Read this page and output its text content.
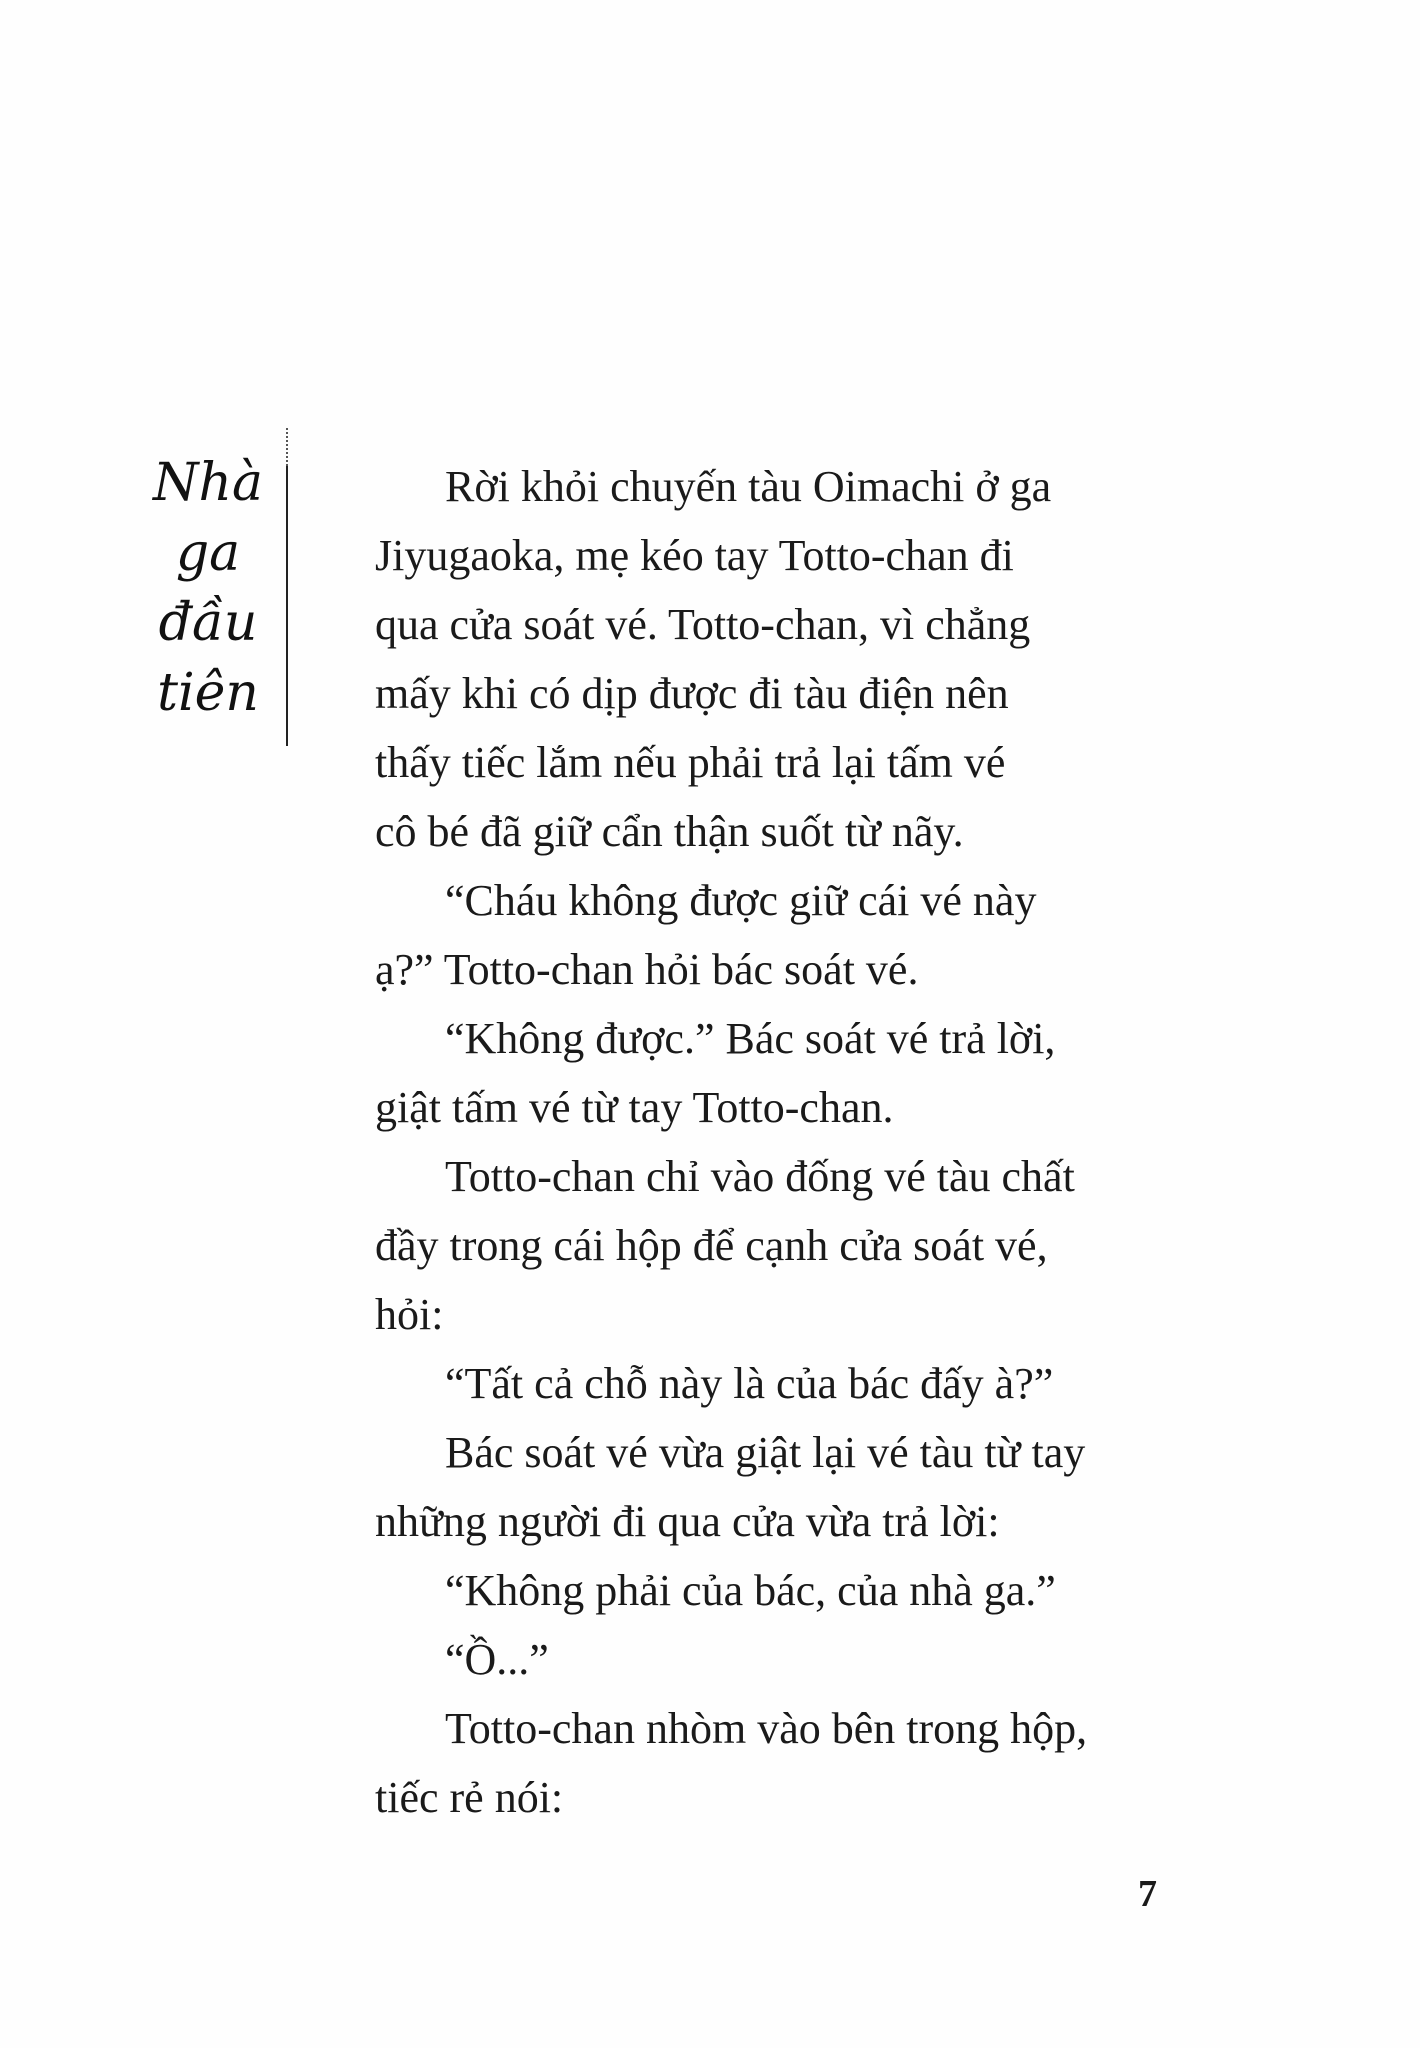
Nhà
ga
đầu
tiên
Rời khỏi chuyến tàu Oimachi ở ga
Jiyugaoka, mẹ kéo tay Totto-chan đi
qua cửa soát vé. Totto-chan, vì chẳng
mấy khi có dịp được đi tàu điện nên
thấy tiếc lắm nếu phải trả lại tấm vé
cô bé đã giữ cẩn thận suốt từ nãy.
“Cháu không được giữ cái vé này
ạ?” Totto-chan hỏi bác soát vé.
“Không được.” Bác soát vé trả lời,
giật tấm vé từ tay Totto-chan.
Totto-chan chỉ vào đống vé tàu chất
đầy trong cái hộp để cạnh cửa soát vé,
hỏi:
“Tất cả chỗ này là của bác đấy à?”
Bác soát vé vừa giật lại vé tàu từ tay
những người đi qua cửa vừa trả lời:
“Không phải của bác, của nhà ga.”
“Ồ...”
Totto-chan nhòm vào bên trong hộp,
tiếc rẻ nói:
7
